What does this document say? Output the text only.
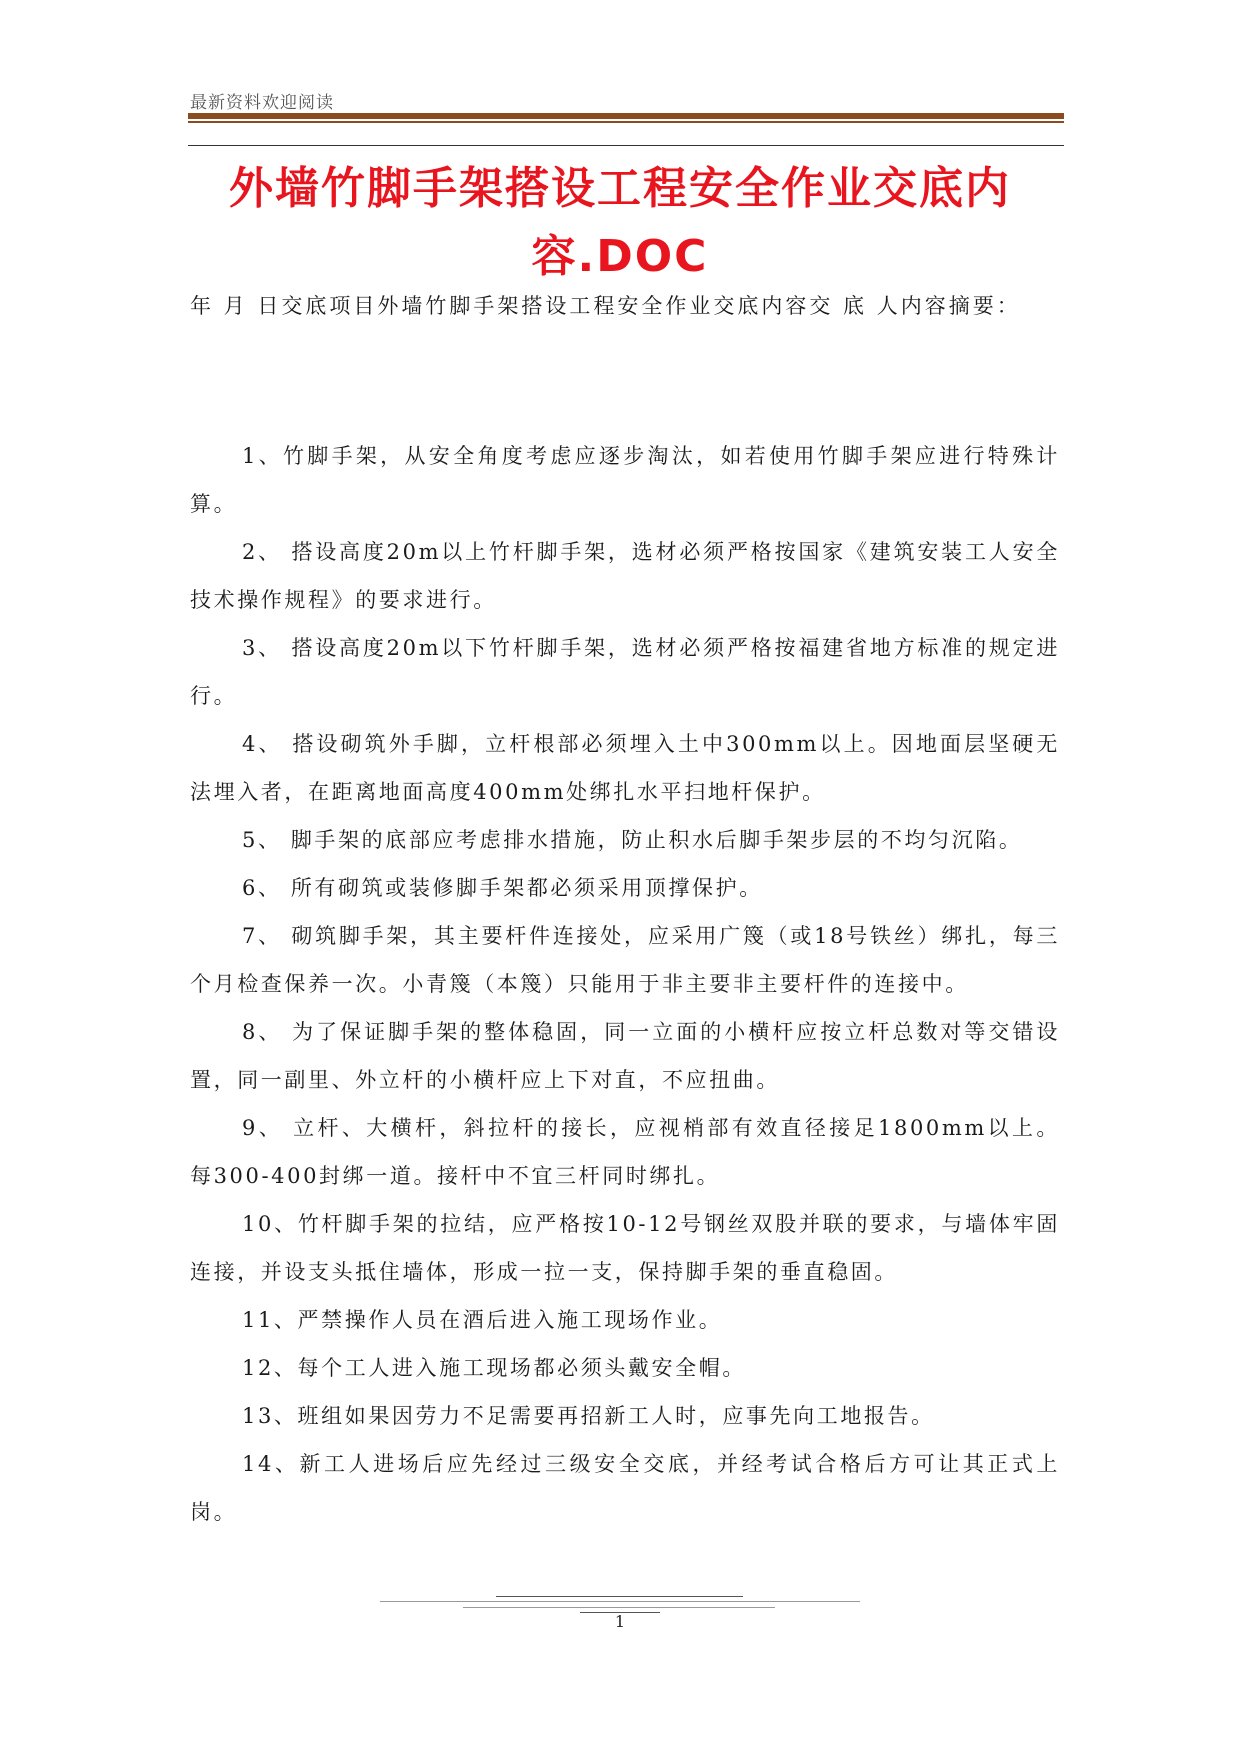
最新资料欢迎阅读
外墙竹脚手架搭设工程安全作业交底内容.DOC
年 月 日交底项目外墙竹脚手架搭设工程安全作业交底内容交 底 人内容摘要：

1、竹脚手架，从安全角度考虑应逐步淘汰，如若使用竹脚手架应进行特殊计算。

2、 搭设高度20m以上竹杆脚手架，选材必须严格按国家《建筑安装工人安全技术操作规程》的要求进行。

3、 搭设高度20m以下竹杆脚手架，选材必须严格按福建省地方标准的规定进行。

4、 搭设砌筑外手脚，立杆根部必须埋入土中300mm以上。因地面层坚硬无法埋入者，在距离地面高度400mm处绑扎水平扫地杆保护。

5、 脚手架的底部应考虑排水措施，防止积水后脚手架步层的不均匀沉陷。

6、 所有砌筑或装修脚手架都必须采用顶撑保护。

7、 砌筑脚手架，其主要杆件连接处，应采用广篾（或18号铁丝）绑扎，每三个月检查保养一次。小青篾（本篾）只能用于非主要非主要杆件的连接中。

8、 为了保证脚手架的整体稳固，同一立面的小横杆应按立杆总数对等交错设置，同一副里、外立杆的小横杆应上下对直，不应扭曲。

9、 立杆、大横杆，斜拉杆的接长，应视梢部有效直径接足1800mm以上。每300-400封绑一道。接杆中不宜三杆同时绑扎。

10、竹杆脚手架的拉结，应严格按10-12号钢丝双股并联的要求，与墙体牢固连接，并设支头抵住墙体，形成一拉一支，保持脚手架的垂直稳固。

11、严禁操作人员在酒后进入施工现场作业。

12、每个工人进入施工现场都必须头戴安全帽。

13、班组如果因劳力不足需要再招新工人时，应事先向工地报告。

14、新工人进场后应先经过三级安全交底，并经考试合格后方可让其正式上岗。

1
